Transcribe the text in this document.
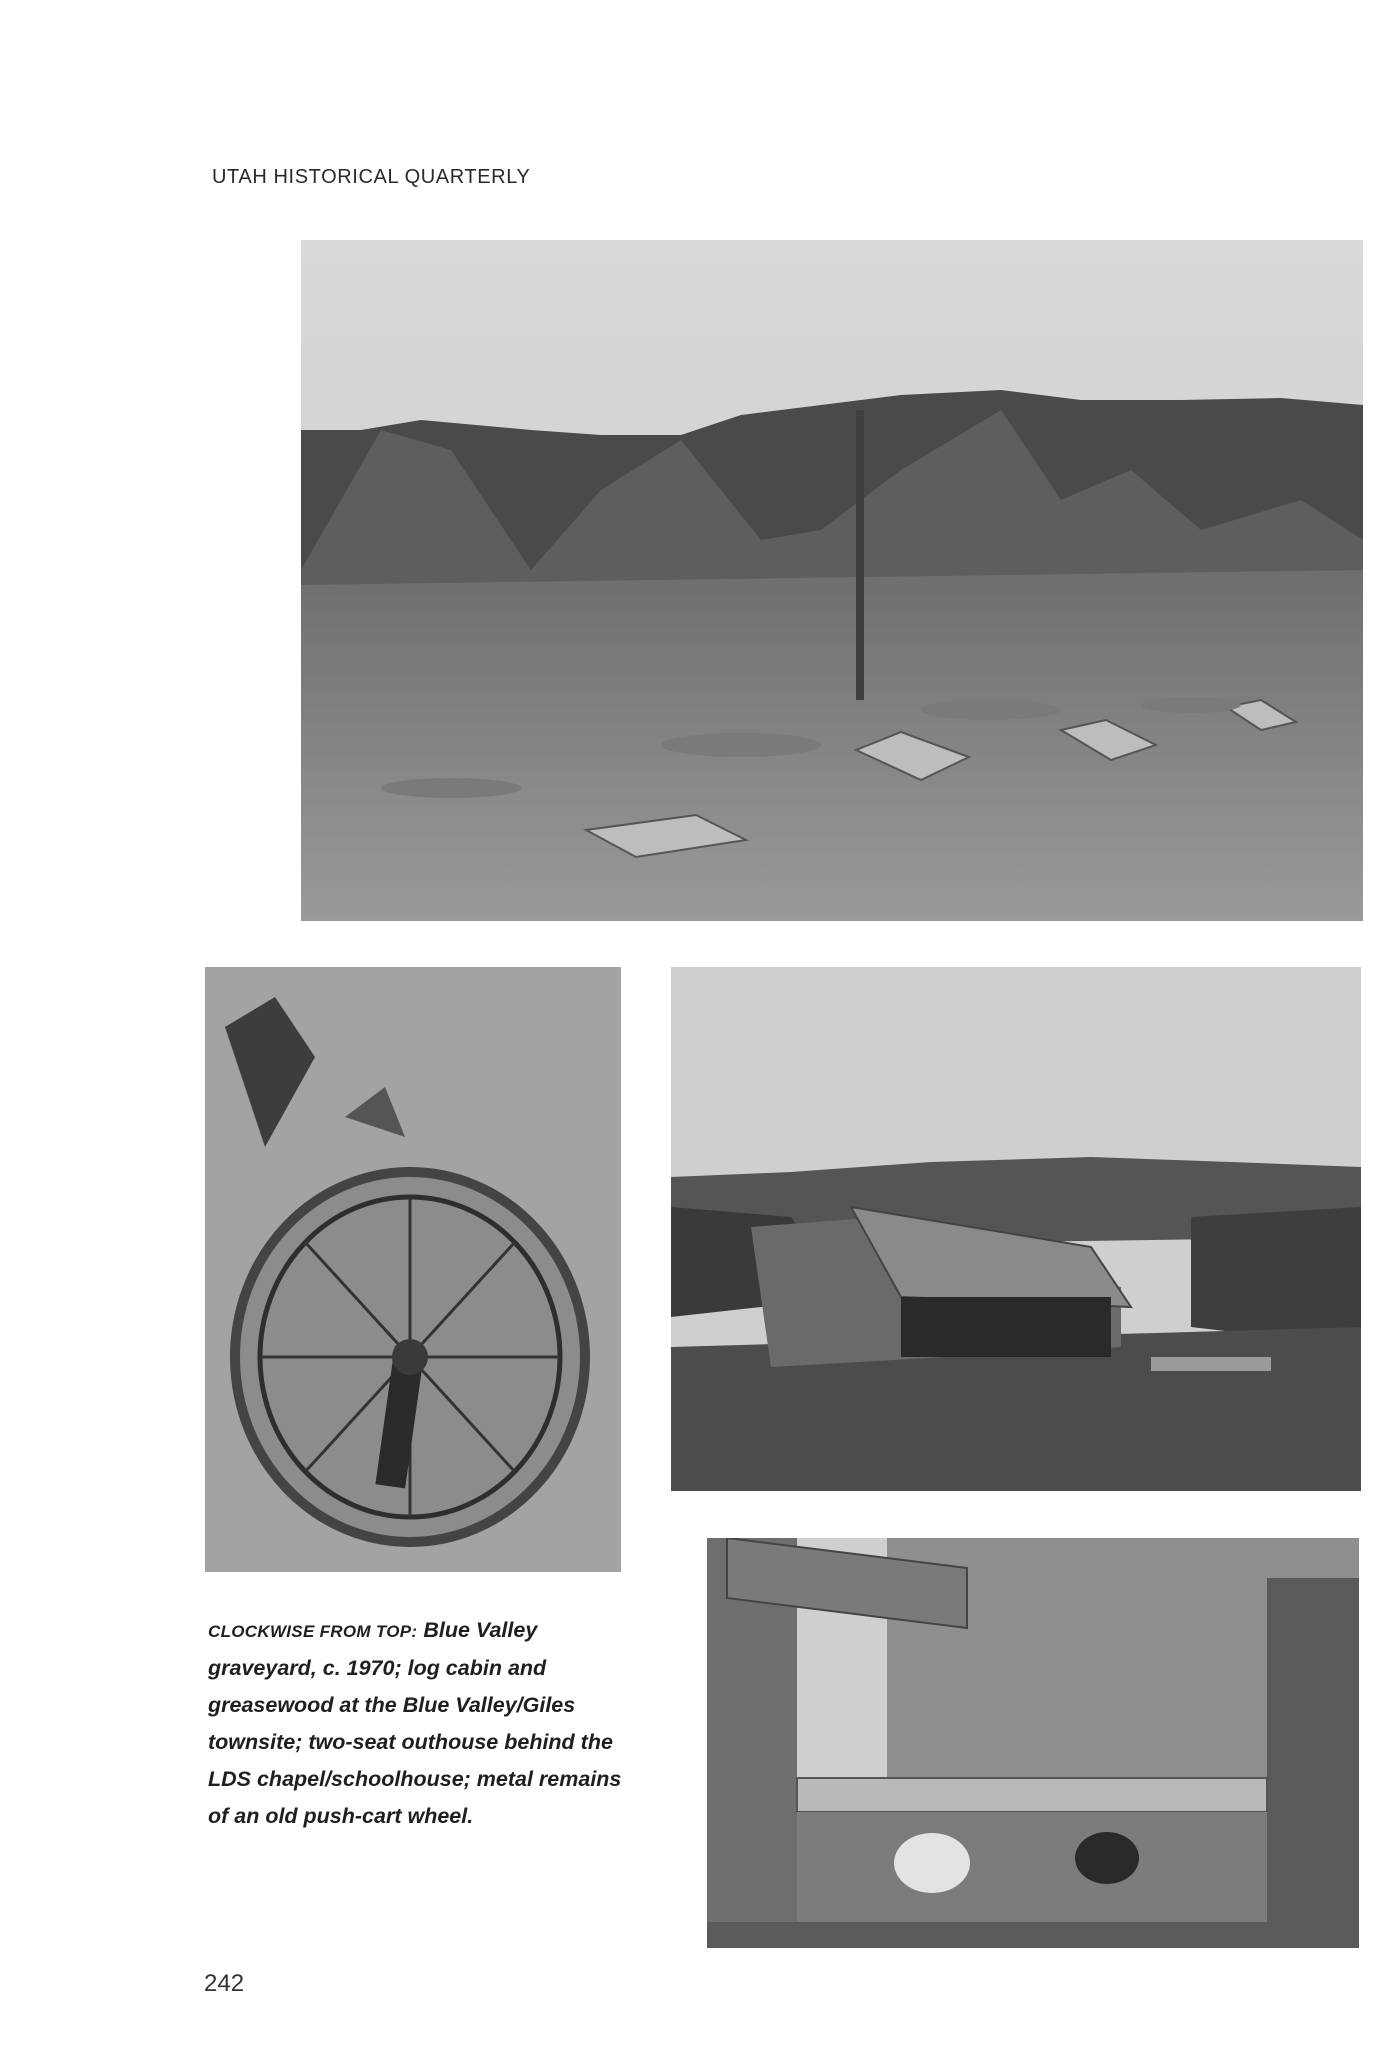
UTAH HISTORICAL QUARTERLY
CLOCKWISE FROM TOP: Blue Valley graveyard, c. 1970; log cabin and greasewood at the Blue Valley/Giles townsite; two-seat outhouse behind the LDS chapel/schoolhouse; metal remains of an old push-cart wheel.
242
